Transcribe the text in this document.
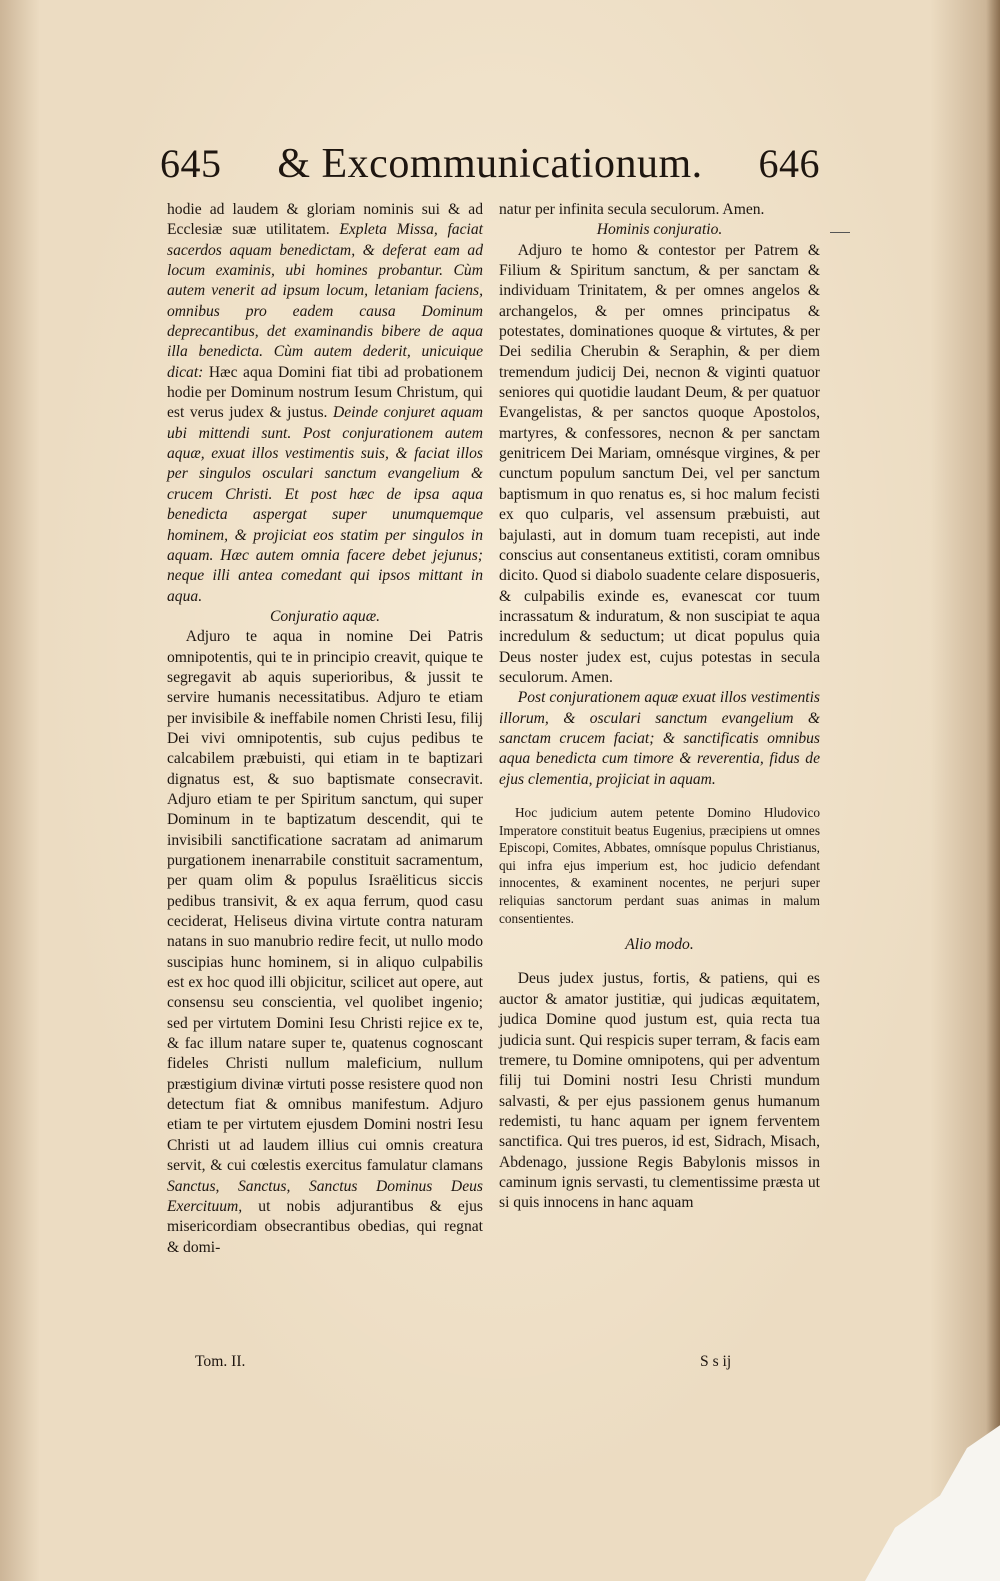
645	& Excommunicationum.	646

hodie ad laudem & gloriam nominis sui & ad Ecclesiæ suæ utilitatem. Expleta Missa, faciat sacerdos aquam benedictam, & deferat eam ad locum examinis, ubi homines probantur. Cùm autem venerit ad ipsum locum, letaniam faciens, omnibus pro eadem causa Dominum deprecantibus, det examinandis bibere de aqua illa benedicta. Cùm autem dederit, unicuique dicat: Hæc aqua Domini fiat tibi ad probationem hodie per Dominum nostrum Iesum Christum, qui est verus judex & justus. Deinde conjuret aquam ubi mittendi sunt. Post conjurationem autem aquæ, exuat illos vestimentis suis, & faciat illos per singulos osculari sanctum evangelium & crucem Christi. Et post hæc de ipsa aqua benedicta aspergat super unumquemque hominem, & projiciat eos statim per singulos in aquam. Hæc autem omnia facere debet jejunus; neque illi antea comedant qui ipsos mittant in aqua.

Conjuratio aquæ.

Adjuro te aqua in nomine Dei Patris omnipotentis, qui te in principio creavit, quique te segregavit ab aquis superioribus, & jussit te servire humanis necessitatibus. Adjuro te etiam per invisibile & ineffabile nomen Christi Iesu, filij Dei vivi omnipotentis, sub cujus pedibus te calcabilem præbuisti, qui etiam in te baptizari dignatus est, & suo baptismate consecravit. Adjuro etiam te per Spiritum sanctum, qui super Dominum in te baptizatum descendit, qui te invisibili sanctificatione sacratam ad animarum purgationem inenarrabile constituit sacramentum, per quam olim & populus Israëliticus siccis pedibus transivit, & ex aqua ferrum, quod casu ceciderat, Heliseus divina virtute contra naturam natans in suo manubrio redire fecit, ut nullo modo suscipias hunc hominem, si in aliquo culpabilis est ex hoc quod illi objicitur, scilicet aut opere, aut consensu seu conscientia, vel quolibet ingenio; sed per virtutem Domini Iesu Christi rejice ex te, & fac illum natare super te, quatenus cognoscant fideles Christi nullum maleficium, nullum præstigium divinæ virtuti posse resistere quod non detectum fiat & omnibus manifestum. Adjuro etiam te per virtutem ejusdem Domini nostri Iesu Christi ut ad laudem illius cui omnis creatura servit, & cui cœlestis exercitus famulatur clamans Sanctus, Sanctus, Sanctus Dominus Deus Exercituum, ut nobis adjurantibus & ejus misericordiam obsecrantibus obedias, qui regnat & domi-

natur per infinita secula seculorum. Amen.

Hominis conjuratio.

Adjuro te homo & contestor per Patrem & Filium & Spiritum sanctum, & per sanctam & individuam Trinitatem, & per omnes angelos & archangelos, & per omnes principatus & potestates, dominationes quoque & virtutes, & per Dei sedilia Cherubin & Seraphin, & per diem tremendum judicij Dei, necnon & viginti quatuor seniores qui quotidie laudant Deum, & per quatuor Evangelistas, & per sanctos quoque Apostolos, martyres, & confessores, necnon & per sanctam genitricem Dei Mariam, omnésque virgines, & per cunctum populum sanctum Dei, vel per sanctum baptismum in quo renatus es, si hoc malum fecisti ex quo culparis, vel assensum præbuisti, aut bajulasti, aut in domum tuam recepisti, aut inde conscius aut consentaneus extitisti, coram omnibus dicito. Quod si diabolo suadente celare disposueris, & culpabilis exinde es, evanescat cor tuum incrassatum & induratum, & non suscipiat te aqua incredulum & seductum; ut dicat populus quia Deus noster judex est, cujus potestas in secula seculorum. Amen.

Post conjurationem aquæ exuat illos vestimentis illorum, & osculari sanctum evangelium & sanctam crucem faciat; & sanctificatis omnibus aqua benedicta cum timore & reverentia, fidus de ejus clementia, projiciat in aquam.

Hoc judicium autem petente Domino Hludovico Imperatore constituit beatus Eugenius, præcipiens ut omnes Episcopi, Comites, Abbates, omnísque populus Christianus, qui infra ejus imperium est, hoc judicio defendant innocentes, & examinent nocentes, ne perjuri super reliquias sanctorum perdant suas animas in malum consentientes.

Alio modo.

Deus judex justus, fortis, & patiens, qui es auctor & amator justitiæ, qui judicas æquitatem, judica Domine quod justum est, quia recta tua judicia sunt. Qui respicis super terram, & facis eam tremere, tu Domine omnipotens, qui per adventum filij tui Domini nostri Iesu Christi mundum salvasti, & per ejus passionem genus humanum redemisti, tu hanc aquam per ignem ferventem sanctifica. Qui tres pueros, id est, Sidrach, Misach, Abdenago, jussione Regis Babylonis missos in caminum ignis servasti, tu clementissime præsta ut si quis innocens in hanc aquam

Tom. II.	S s ij
